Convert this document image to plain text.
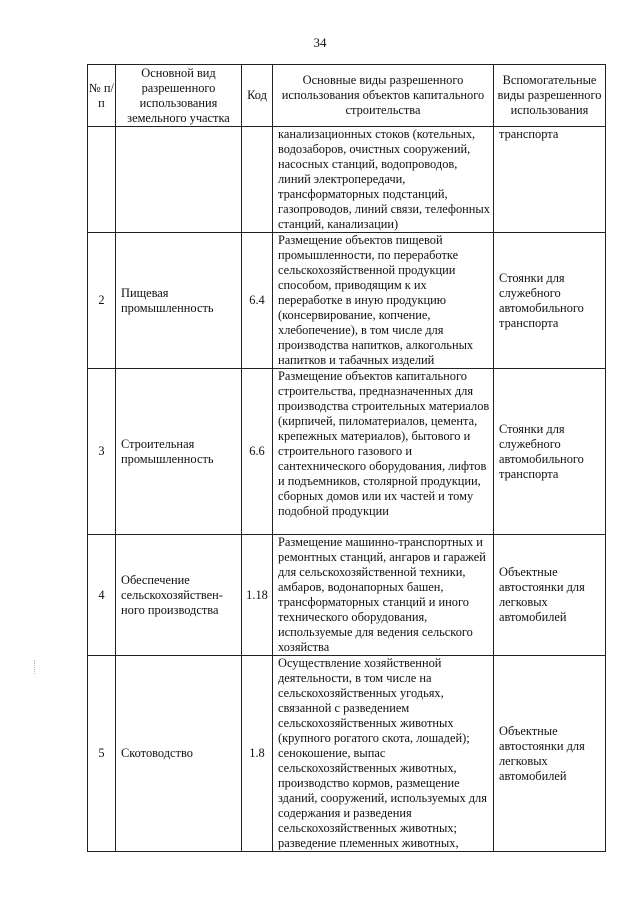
34
№ п/п	Основной вид разрешенного использования земельного участка	Код	Основные виды разрешенного использования объектов капитального строительства	Вспомогательные виды разрешенного использования
			канализационных стоков (котельных, водозаборов, очистных сооружений, насосных станций, водопроводов, линий электропередачи, трансформаторных подстанций, газопроводов, линий связи, телефонных станций, канализации)	транспорта
2	Пищевая промышленность	6.4	Размещение объектов пищевой промышленности, по переработке сельскохозяйственной продукции способом, приводящим к их переработке в иную продукцию (консервирование, копчение, хлебопечение), в том числе для производства напитков, алкогольных напитков и табачных изделий	Стоянки для служебного автомобильного транспорта
3	Строительная промышленность	6.6	Размещение объектов капитального строительства, предназначенных для производства строительных материалов (кирпичей, пиломатериалов, цемента, крепежных материалов), бытового и строительного газового и сантехнического оборудования, лифтов и подъемников, столярной продукции, сборных домов или их частей и тому подобной продукции	Стоянки для служебного автомобильного транспорта
4	Обеспечение сельскохозяйствен-ного производства	1.18	Размещение машинно-транспортных и ремонтных станций, ангаров и гаражей для сельскохозяйственной техники, амбаров, водонапорных башен, трансформаторных станций и иного технического оборудования, используемые для ведения сельского хозяйства	Объектные автостоянки для легковых автомобилей
5	Скотоводство	1.8	Осуществление хозяйственной деятельности, в том числе на сельскохозяйственных угодьях, связанной с разведением сельскохозяйственных животных (крупного рогатого скота, лошадей); сенокошение, выпас сельскохозяйственных животных, производство кормов, размещение зданий, сооружений, используемых для содержания и разведения сельскохозяйственных животных; разведение племенных животных,	Объектные автостоянки для легковых автомобилей
